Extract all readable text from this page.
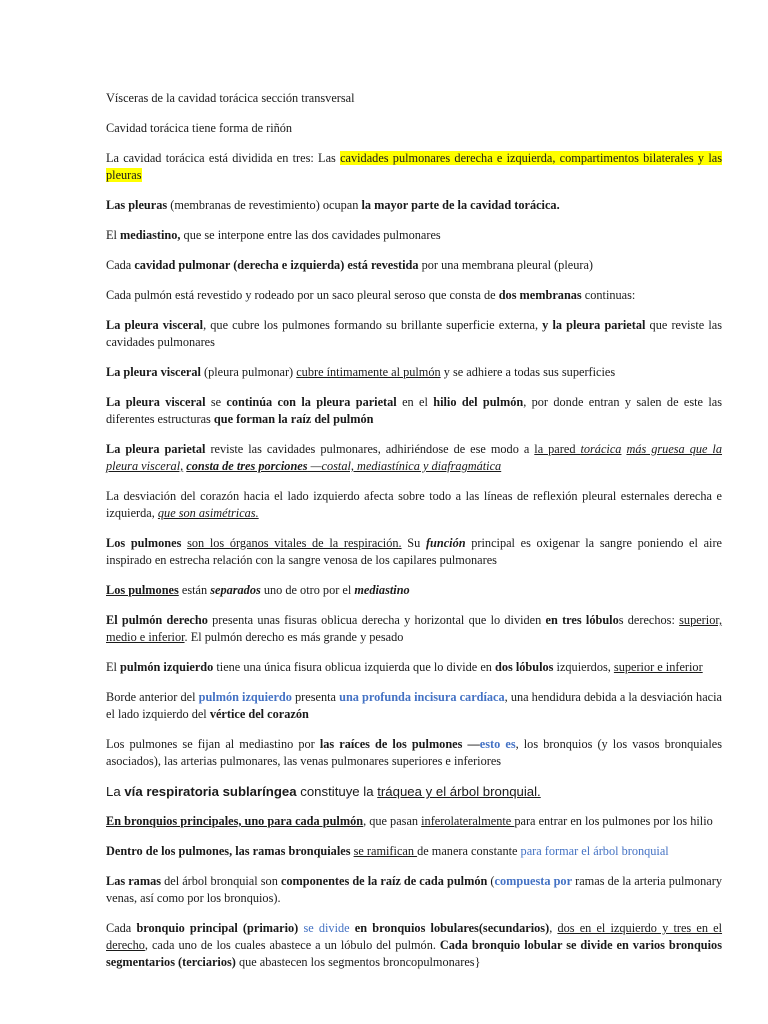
Vísceras de la cavidad torácica sección transversal

Cavidad torácica tiene forma de riñón

La cavidad torácica está dividida en tres: Las cavidades pulmonares derecha e izquierda, compartimentos bilaterales y las pleuras

Las pleuras (membranas de revestimiento) ocupan la mayor parte de la cavidad torácica.

El mediastino, que se interpone entre las dos cavidades pulmonares

Cada cavidad pulmonar (derecha e izquierda) está revestida por una membrana pleural (pleura)

Cada pulmón está revestido y rodeado por un saco pleural seroso que consta de dos membranas continuas:

La pleura visceral, que cubre los pulmones formando su brillante superficie externa, y la pleura parietal que reviste las cavidades pulmonares

La pleura visceral (pleura pulmonar) cubre íntimamente al pulmón y se adhiere a todas sus superficies

La pleura visceral se continúa con la pleura parietal en el hilio del pulmón, por donde entran y salen de este las diferentes estructuras que forman la raíz del pulmón

La pleura parietal reviste las cavidades pulmonares, adhiriéndose de ese modo a la pared torácica más gruesa que la pleura visceral, consta de tres porciones —costal, mediastínica y diafragmática

La desviación del corazón hacia el lado izquierdo afecta sobre todo a las líneas de reflexión pleural esternales derecha e izquierda, que son asimétricas.

Los pulmones son los órganos vitales de la respiración. Su función principal es oxigenar la sangre poniendo el aire inspirado en estrecha relación con la sangre venosa de los capilares pulmonares

Los pulmones están separados uno de otro por el mediastino

El pulmón derecho presenta unas fisuras oblicua derecha y horizontal que lo dividen en tres lóbulos derechos: superior, medio e inferior. El pulmón derecho es más grande y pesado

El pulmón izquierdo tiene una única fisura oblicua izquierda que lo divide en dos lóbulos izquierdos, superior e inferior

Borde anterior del pulmón izquierdo presenta una profunda incisura cardíaca, una hendidura debida a la desviación hacia el lado izquierdo del vértice del corazón

Los pulmones se fijan al mediastino por las raíces de los pulmones —esto es, los bronquios (y los vasos bronquiales asociados), las arterias pulmonares, las venas pulmonares superiores e inferiores

La vía respiratoria sublaríngea constituye la tráquea y el árbol bronquial.

En bronquios principales, uno para cada pulmón, que pasan inferolateralmente para entrar en los pulmones por los hilio

Dentro de los pulmones, las ramas bronquiales se ramifican de manera constante para formar el árbol bronquial

Las ramas del árbol bronquial son componentes de la raíz de cada pulmón (compuesta por ramas de la arteria pulmonary venas, así como por los bronquios).

Cada bronquio principal (primario) se divide en bronquios lobulares(secundarios), dos en el izquierdo y tres en el derecho, cada uno de los cuales abastece a un lóbulo del pulmón. Cada bronquio lobular se divide en varios bronquios segmentarios (terciarios) que abastecen los segmentos broncopulmonares}
